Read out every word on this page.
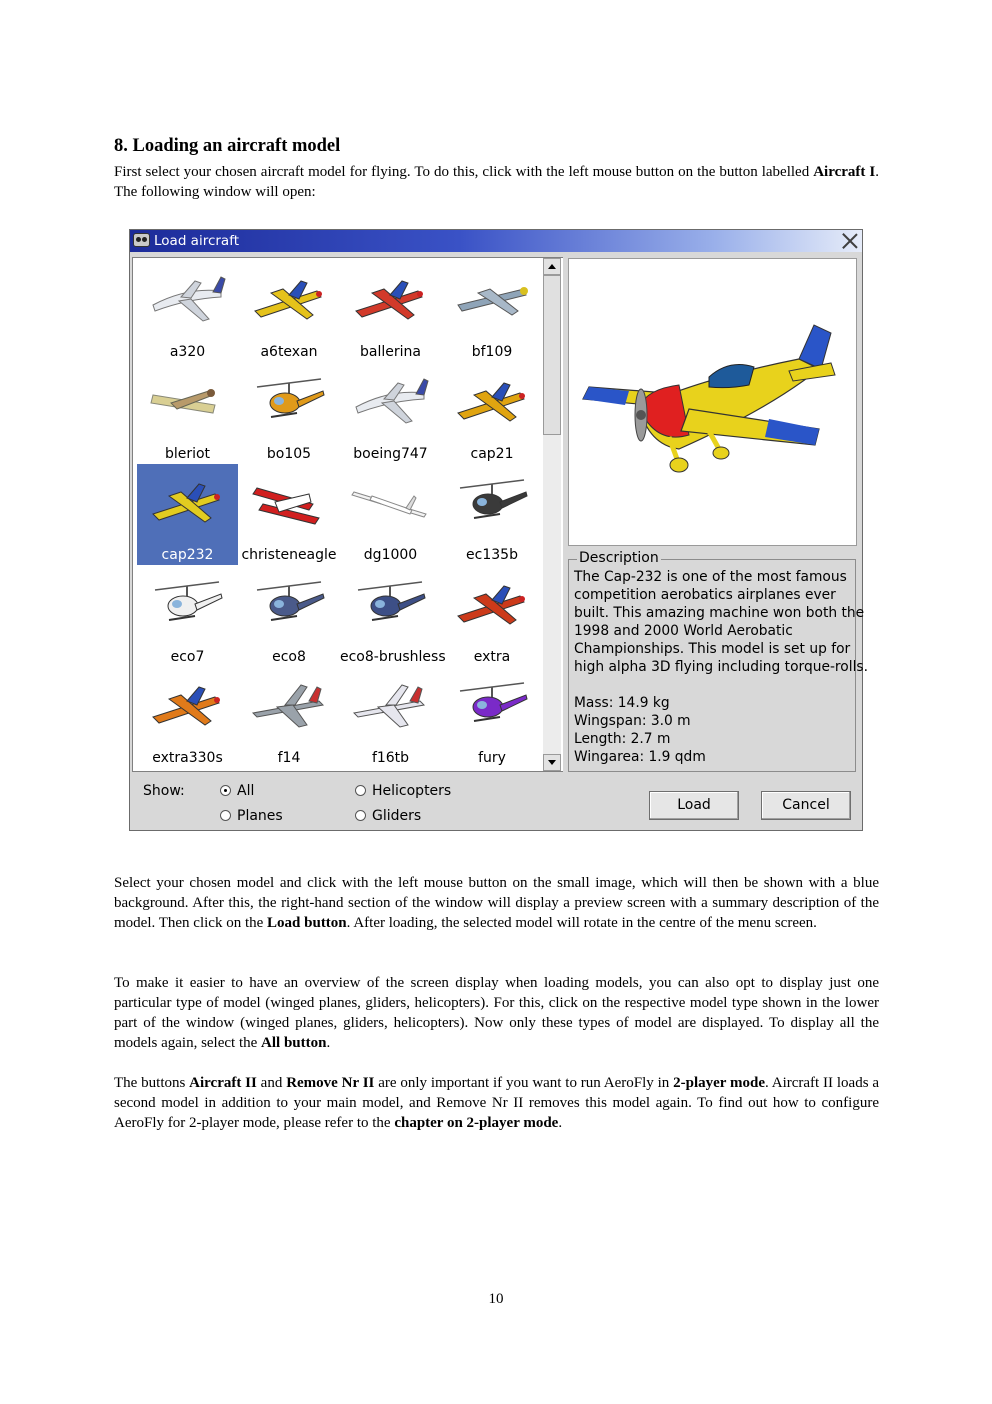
8. Loading an aircraft model

First select your chosen aircraft model for flying. To do this, click with the left mouse button on the button labelled Aircraft I. The following window will open:

Load aircraft
a320	a6texan	ballerina	bf109
bleriot	bo105	boeing747	cap21
cap232	christeneagle	dg1000	ec135b
eco7	eco8	eco8-brushless	extra
extra330s	f14	f16tb	fury
Description
The Cap-232 is one of the most famous
competition aerobatics airplanes ever
built. This amazing machine won both the
1998 and 2000 World Aerobatic
Championships. This model is set up for
high alpha 3D flying including torque-rolls.
Mass: 14.9 kg
Wingspan: 3.0 m
Length: 2.7 m
Wingarea: 1.9 qdm
Show:	All
Planes
Helicopters
Gliders
Load	Cancel

Select your chosen model and click with the left mouse button on the small image, which will then be shown with a blue background. After this, the right-hand section of the window will display a preview screen with a summary description of the model. Then click on the Load button. After loading, the selected model will rotate in the centre of the menu screen.

To make it easier to have an overview of the screen display when loading models, you can also opt to display just one particular type of model (winged planes, gliders, helicopters). For this, click on the respective model type shown in the lower part of the window (winged planes, gliders, helicopters). Now only these types of model are displayed. To display all the models again, select the All button.

The buttons Aircraft II and Remove Nr II are only important if you want to run AeroFly in 2-player mode. Aircraft II loads a second model in addition to your main model, and Remove Nr II removes this model again. To find out how to configure AeroFly for 2-player mode, please refer to the chapter on 2-player mode.

10
